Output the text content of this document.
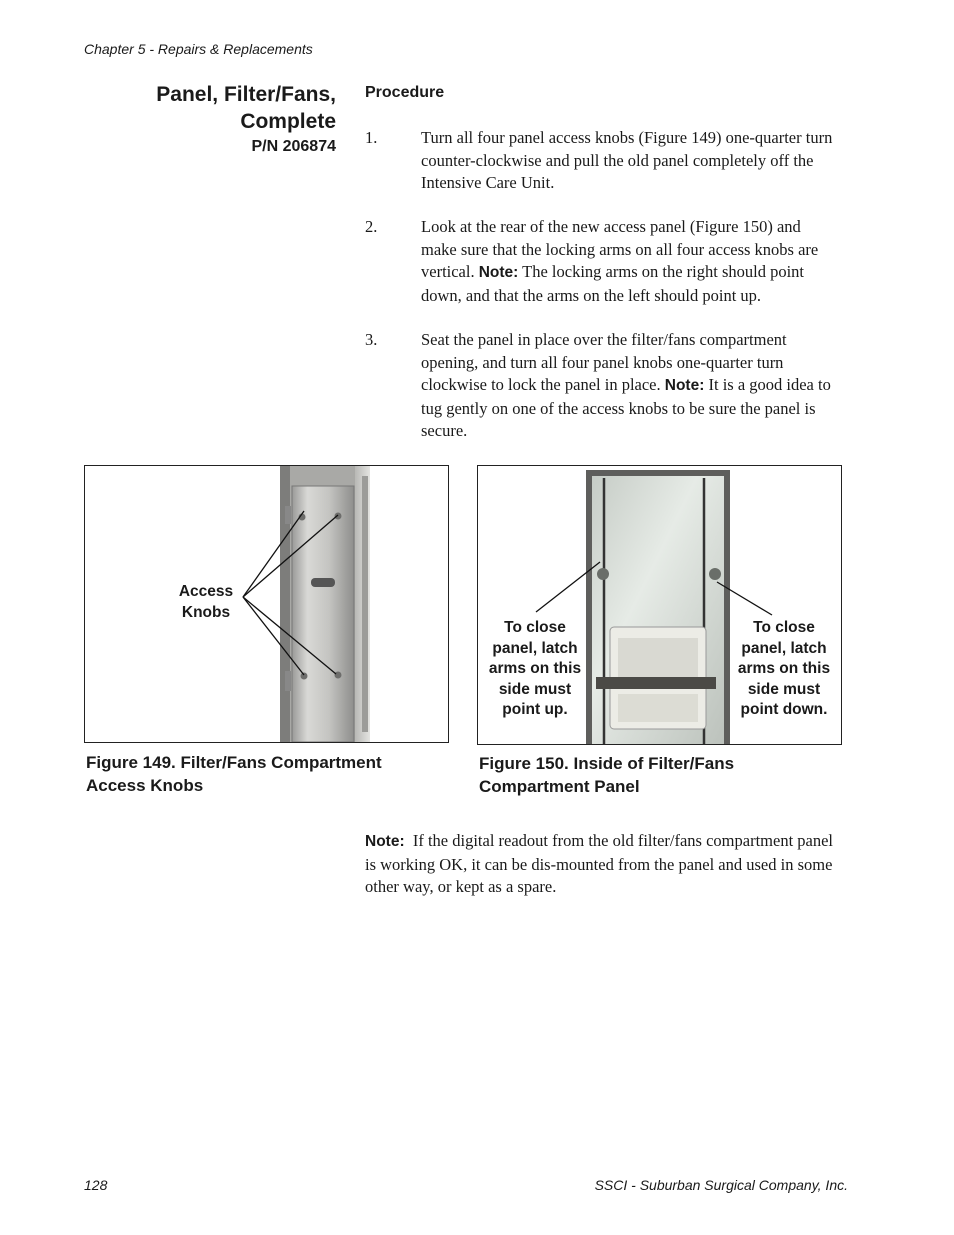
Chapter 5 - Repairs & Replacements
Panel, Filter/Fans,
Complete
P/N 206874
Procedure
1.	Turn all four panel access knobs (Figure 149) one-quarter turn counter-clockwise and pull the old panel completely off the Intensive Care Unit.
2.	Look at the rear of the new access panel (Figure 150) and make sure that the locking arms on all four access knobs are vertical. Note: The locking arms on the right should point down, and that the arms on the left should point up.
3.	Seat the panel in place over the filter/fans compartment opening, and turn all four panel knobs one-quarter turn clockwise to lock the panel in place. Note: It is a good idea to tug gently on one of the access knobs to be sure the panel is secure.
Access
Knobs
Figure 149. Filter/Fans Compartment
Access Knobs
To close
panel, latch
arms on this
side must
point up.
To close
panel, latch
arms on this
side must
point down.
Figure 150. Inside of Filter/Fans
Compartment Panel
Note: If the digital readout from the old filter/fans compartment panel is working OK, it can be dis-mounted from the panel and used in some other way, or kept as a spare.
128	SSCI - Suburban Surgical Company, Inc.
